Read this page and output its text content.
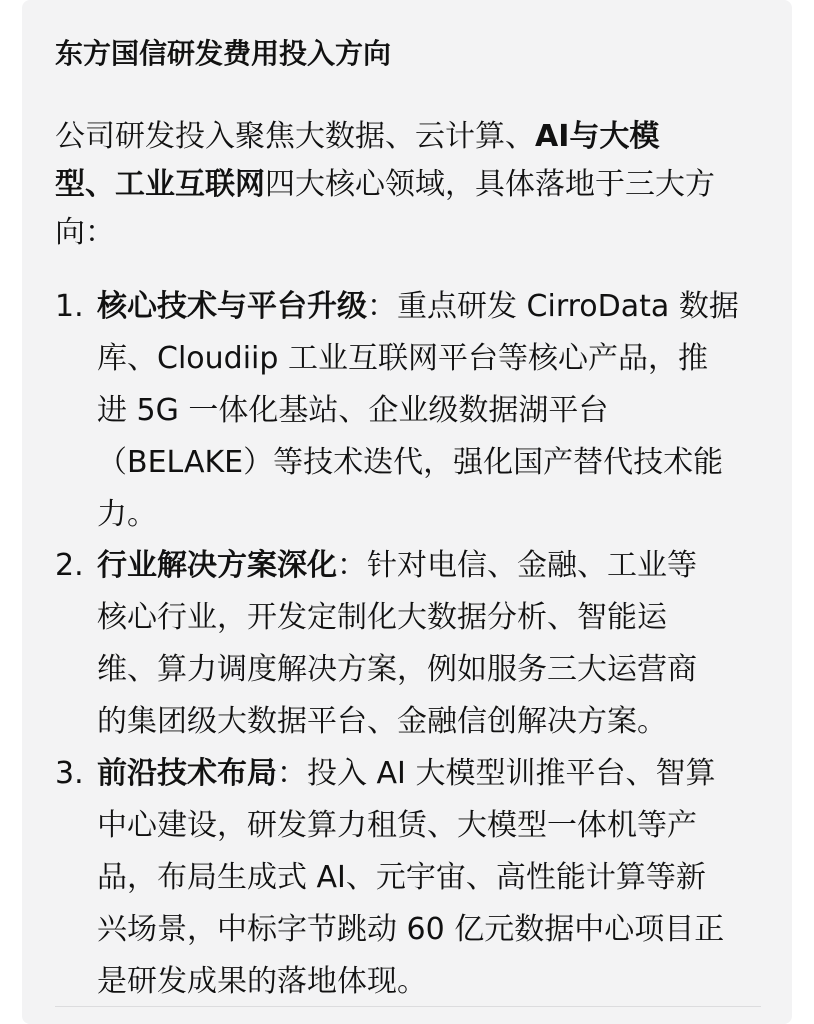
东方国信研发费用投入方向

公司研发投入聚焦大数据、云计算、AI与大模

型、工业互联网四大核心领域，具体落地于三大方

向：

1. 核心技术与平台升级：重点研发 CirroData 数据

库、Cloudiip 工业互联网平台等核心产品，推

进 5G 一体化基站、企业级数据湖平台

（BELAKE）等技术迭代，强化国产替代技术能

力。

2. 行业解决方案深化：针对电信、金融、工业等

核心行业，开发定制化大数据分析、智能运

维、算力调度解决方案，例如服务三大运营商

的集团级大数据平台、金融信创解决方案。

3. 前沿技术布局：投入 AI 大模型训推平台、智算

中心建设，研发算力租赁、大模型一体机等产

品，布局生成式 AI、元宇宙、高性能计算等新

兴场景，中标字节跳动 60 亿元数据中心项目正

是研发成果的落地体现。
